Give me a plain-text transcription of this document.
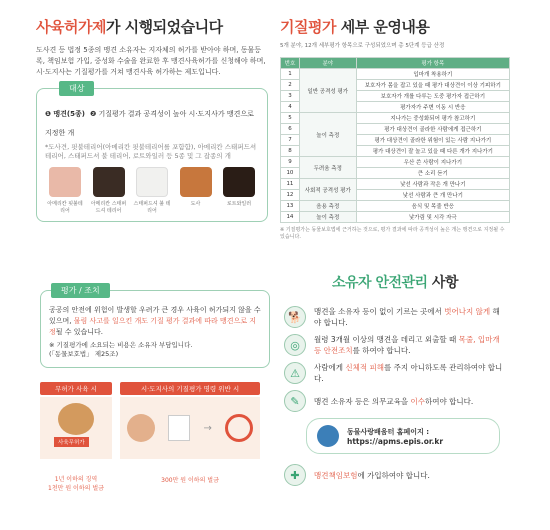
사육허가제가 시행되었습니다
도사견 등 법정 5종의 맹견 소유자는 지자체의 허가를 받아야 하며, 동물등록, 책임보험 가입, 중성화 수술을 완료한 후 맹견사육허가를 신청해야 하며, 시·도지사는 기질평가를 거쳐 맹견사육 허가하는 제도입니다.
대상
❶ 맹견(5종) ❷ 기질평가 결과 공격성이 높아 시·도지사가 맹견으로 지정한 개
*도사견, 핏불테리어(아메리칸 핏불테리어를 포함함), 아메리칸 스태퍼드셔 테리어, 스태퍼드셔 불 테리어, 로트와일러 등 5종 및 그 잡종의 개
아메리칸 핏불테리어
아메리칸 스태퍼드셔 테리어
스태퍼드셔 불 테리어
도사	로트와일러
평가 / 조치
공공의 안전에 위험이 발생할 우려가 큰 경우 사육이 허가되지 않을 수 있으며, 물림 사고를 일으킨 개도 기질 평가 결과에 따라 맹견으로 지정될 수 있습니다.
※ 기질평가에 소요되는 비용은 소유자 부담입니다.
(「동물보호법」 제25조)
무허가 사육 시
사육무허가
1년 이하의 징역
1천만 원 이하의 벌금
시·도지사의 기질평가 명령 위반 시
→
300만 원 이하의 벌금
기질평가 세부 운영내용
5개 분야, 12개 세부평가 항목으로 구성되었으며 총 5단계 등급 산정
번호	분야	평가 항목
1	일반 공격성 평가	입마개 착용하기
2		보호자가 몸을 잡고 있을 때 평가 대상견이 이상 기피하기
3		보호자가 개를 다루는 도중 평가자 접근하기
4		평가자가 주변 이동 시 반응
5	놀이 측정	지나가는 중성화되어 평가 참고하기
6		평가 대상견이 골라한 사람에게 접근하기
7		평가 대상견이 골라한 위험이 있는 사람 지나가기
8		평가 대상견이 잘 놀고 있을 때 다른 개가 지나가기
9	두려움 측정	우산 쓴 사람이 지나가기
10		큰 소리 듣기
11	사회적 공격성 평가	낯선 사람과 작은 개 만나기
12		낯선 사람과 큰 개 만나기
13	음용 측정	음식 및 목줄 반응
14	놀이 측정	낯가림 및 시각 자극
※ 기질평가는 동물보호법에 근거하는 것으로, 평가 결과에 따라 공격성이 높은 개는 맹견으로 지정될 수 있습니다.
소유자 안전관리 사항
🐕	맹견을 소유자 등이 없이 기르는 곳에서 벗어나지 않게 해야 합니다.
◎	월령 3개월 이상의 맹견을 데리고 외출할 때 목줄, 입마개 등 안전조치를 하여야 합니다.
⚠	사람에게 신체적 피해를 주지 아니하도록 관리하여야 합니다.
✎	맹견 소유자 등은 의무교육을 이수하여야 합니다.
동물사랑배움터 홈페이지 :
https://apms.epis.or.kr
✚	맹견책임보험에 가입하여야 합니다.
